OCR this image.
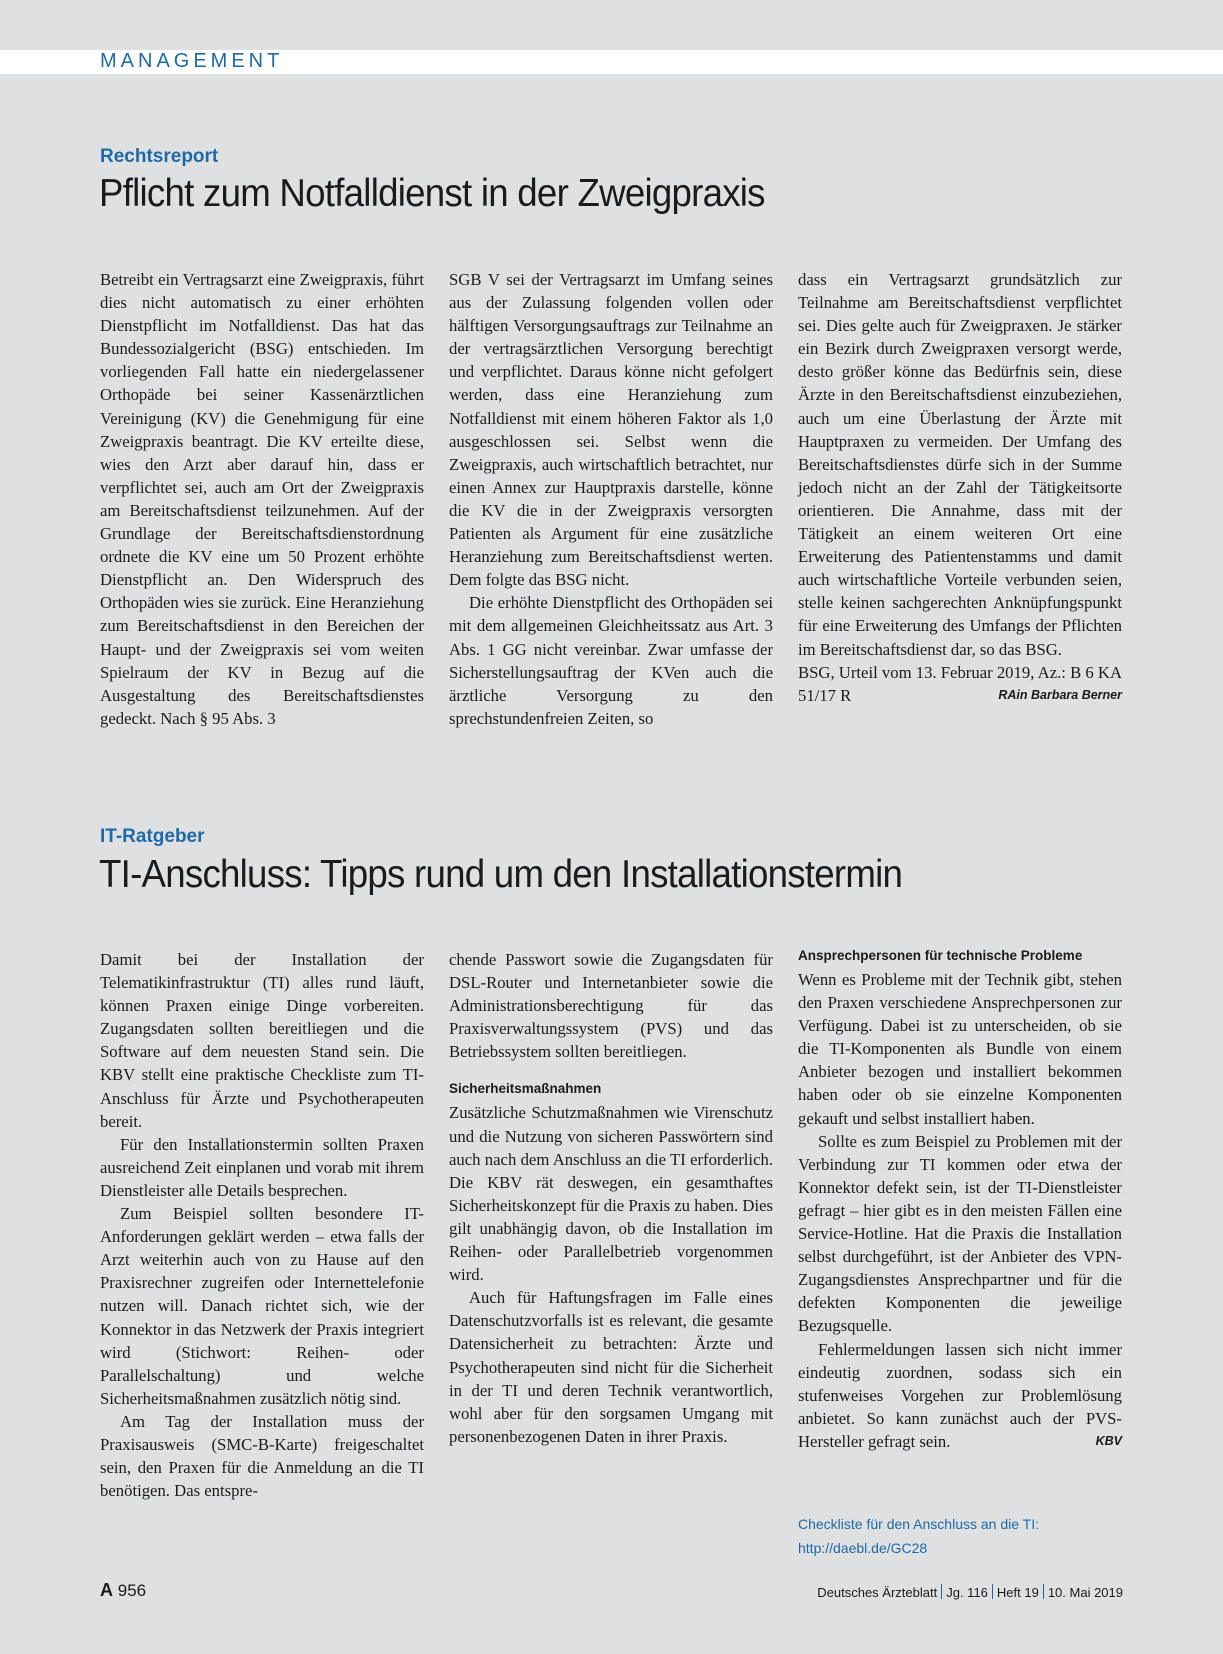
MANAGEMENT
Rechtsreport
Pflicht zum Notfalldienst in der Zweigpraxis

Betreibt ein Vertragsarzt eine Zweigpraxis, führt dies nicht automatisch zu einer erhöhten Dienstpflicht im Notfalldienst. Das hat das Bundessozialgericht (BSG) entschieden. Im vorliegenden Fall hatte ein niedergelassener Orthopäde bei seiner Kassenärztlichen Vereinigung (KV) die Genehmigung für eine Zweigpraxis beantragt. Die KV erteilte diese, wies den Arzt aber darauf hin, dass er verpflichtet sei, auch am Ort der Zweigpraxis am Bereitschaftsdienst teilzunehmen. Auf der Grundlage der Bereitschaftsdienstordnung ordnete die KV eine um 50 Prozent erhöhte Dienstpflicht an. Den Widerspruch des Orthopäden wies sie zurück. Eine Heranziehung zum Bereitschaftsdienst in den Bereichen der Haupt- und der Zweigpraxis sei vom weiten Spielraum der KV in Bezug auf die Ausgestaltung des Bereitschaftsdienstes gedeckt. Nach § 95 Abs. 3

SGB V sei der Vertragsarzt im Umfang seines aus der Zulassung folgenden vollen oder hälftigen Versorgungsauftrags zur Teilnahme an der vertragsärztlichen Versorgung berechtigt und verpflichtet. Daraus könne nicht gefolgert werden, dass eine Heranziehung zum Notfalldienst mit einem höheren Faktor als 1,0 ausgeschlossen sei. Selbst wenn die Zweigpraxis, auch wirtschaftlich betrachtet, nur einen Annex zur Hauptpraxis darstelle, könne die KV die in der Zweigpraxis versorgten Patienten als Argument für eine zusätzliche Heranziehung zum Bereitschaftsdienst werten. Dem folgte das BSG nicht.

Die erhöhte Dienstpflicht des Orthopäden sei mit dem allgemeinen Gleichheitssatz aus Art. 3 Abs. 1 GG nicht vereinbar. Zwar umfasse der Sicherstellungsauftrag der KVen auch die ärztliche Versorgung zu den sprechstundenfreien Zeiten, so

dass ein Vertragsarzt grundsätzlich zur Teilnahme am Bereitschaftsdienst verpflichtet sei. Dies gelte auch für Zweigpraxen. Je stärker ein Bezirk durch Zweigpraxen versorgt werde, desto größer könne das Bedürfnis sein, diese Ärzte in den Bereitschaftsdienst einzubeziehen, auch um eine Überlastung der Ärzte mit Hauptpraxen zu vermeiden. Der Umfang des Bereitschaftsdienstes dürfe sich in der Summe jedoch nicht an der Zahl der Tätigkeitsorte orientieren. Die Annahme, dass mit der Tätigkeit an einem weiteren Ort eine Erweiterung des Patientenstamms und damit auch wirtschaftliche Vorteile verbunden seien, stelle keinen sachgerechten Anknüpfungspunkt für eine Erweiterung des Umfangs der Pflichten im Bereitschaftsdienst dar, so das BSG.

BSG, Urteil vom 13. Februar 2019, Az.: B 6 KA 51/17 R	RAin Barbara Berner

IT-Ratgeber
TI-Anschluss: Tipps rund um den Installationstermin

Damit bei der Installation der Telematikinfrastruktur (TI) alles rund läuft, können Praxen einige Dinge vorbereiten. Zugangsdaten sollten bereitliegen und die Software auf dem neuesten Stand sein. Die KBV stellt eine praktische Checkliste zum TI-Anschluss für Ärzte und Psychotherapeuten bereit.

Für den Installationstermin sollten Praxen ausreichend Zeit einplanen und vorab mit ihrem Dienstleister alle Details besprechen.

Zum Beispiel sollten besondere IT-Anforderungen geklärt werden – etwa falls der Arzt weiterhin auch von zu Hause auf den Praxisrechner zugreifen oder Internettelefonie nutzen will. Danach richtet sich, wie der Konnektor in das Netzwerk der Praxis integriert wird (Stichwort: Reihen- oder Parallelschaltung) und welche Sicherheitsmaßnahmen zusätzlich nötig sind.

Am Tag der Installation muss der Praxisausweis (SMC-B-Karte) freigeschaltet sein, den Praxen für die Anmeldung an die TI benötigen. Das entspre-

chende Passwort sowie die Zugangsdaten für DSL-Router und Internetanbieter sowie die Administrationsberechtigung für das Praxisverwaltungssystem (PVS) und das Betriebssystem sollten bereitliegen.

Sicherheitsmaßnahmen

Zusätzliche Schutzmaßnahmen wie Virenschutz und die Nutzung von sicheren Passwörtern sind auch nach dem Anschluss an die TI erforderlich. Die KBV rät deswegen, ein gesamthaftes Sicherheitskonzept für die Praxis zu haben. Dies gilt unabhängig davon, ob die Installation im Reihen- oder Parallelbetrieb vorgenommen wird.

Auch für Haftungsfragen im Falle eines Datenschutzvorfalls ist es relevant, die gesamte Datensicherheit zu betrachten: Ärzte und Psychotherapeuten sind nicht für die Sicherheit in der TI und deren Technik verantwortlich, wohl aber für den sorgsamen Umgang mit personenbezogenen Daten in ihrer Praxis.

Ansprechpersonen für technische Probleme

Wenn es Probleme mit der Technik gibt, stehen den Praxen verschiedene Ansprechpersonen zur Verfügung. Dabei ist zu unterscheiden, ob sie die TI-Komponenten als Bundle von einem Anbieter bezogen und installiert bekommen haben oder ob sie einzelne Komponenten gekauft und selbst installiert haben.

Sollte es zum Beispiel zu Problemen mit der Verbindung zur TI kommen oder etwa der Konnektor defekt sein, ist der TI-Dienstleister gefragt – hier gibt es in den meisten Fällen eine Service-Hotline. Hat die Praxis die Installation selbst durchgeführt, ist der Anbieter des VPN-Zugangsdienstes Ansprechpartner und für die defekten Komponenten die jeweilige Bezugsquelle.

Fehlermeldungen lassen sich nicht immer eindeutig zuordnen, sodass sich ein stufenweises Vorgehen zur Problemlösung anbietet. So kann zunächst auch der PVS-Hersteller gefragt sein.	KBV

Checkliste für den Anschluss an die TI:
http://daebl.de/GC28
A 956	Deutsches Ärzteblatt Jg. 116 Heft 19 10. Mai 2019
